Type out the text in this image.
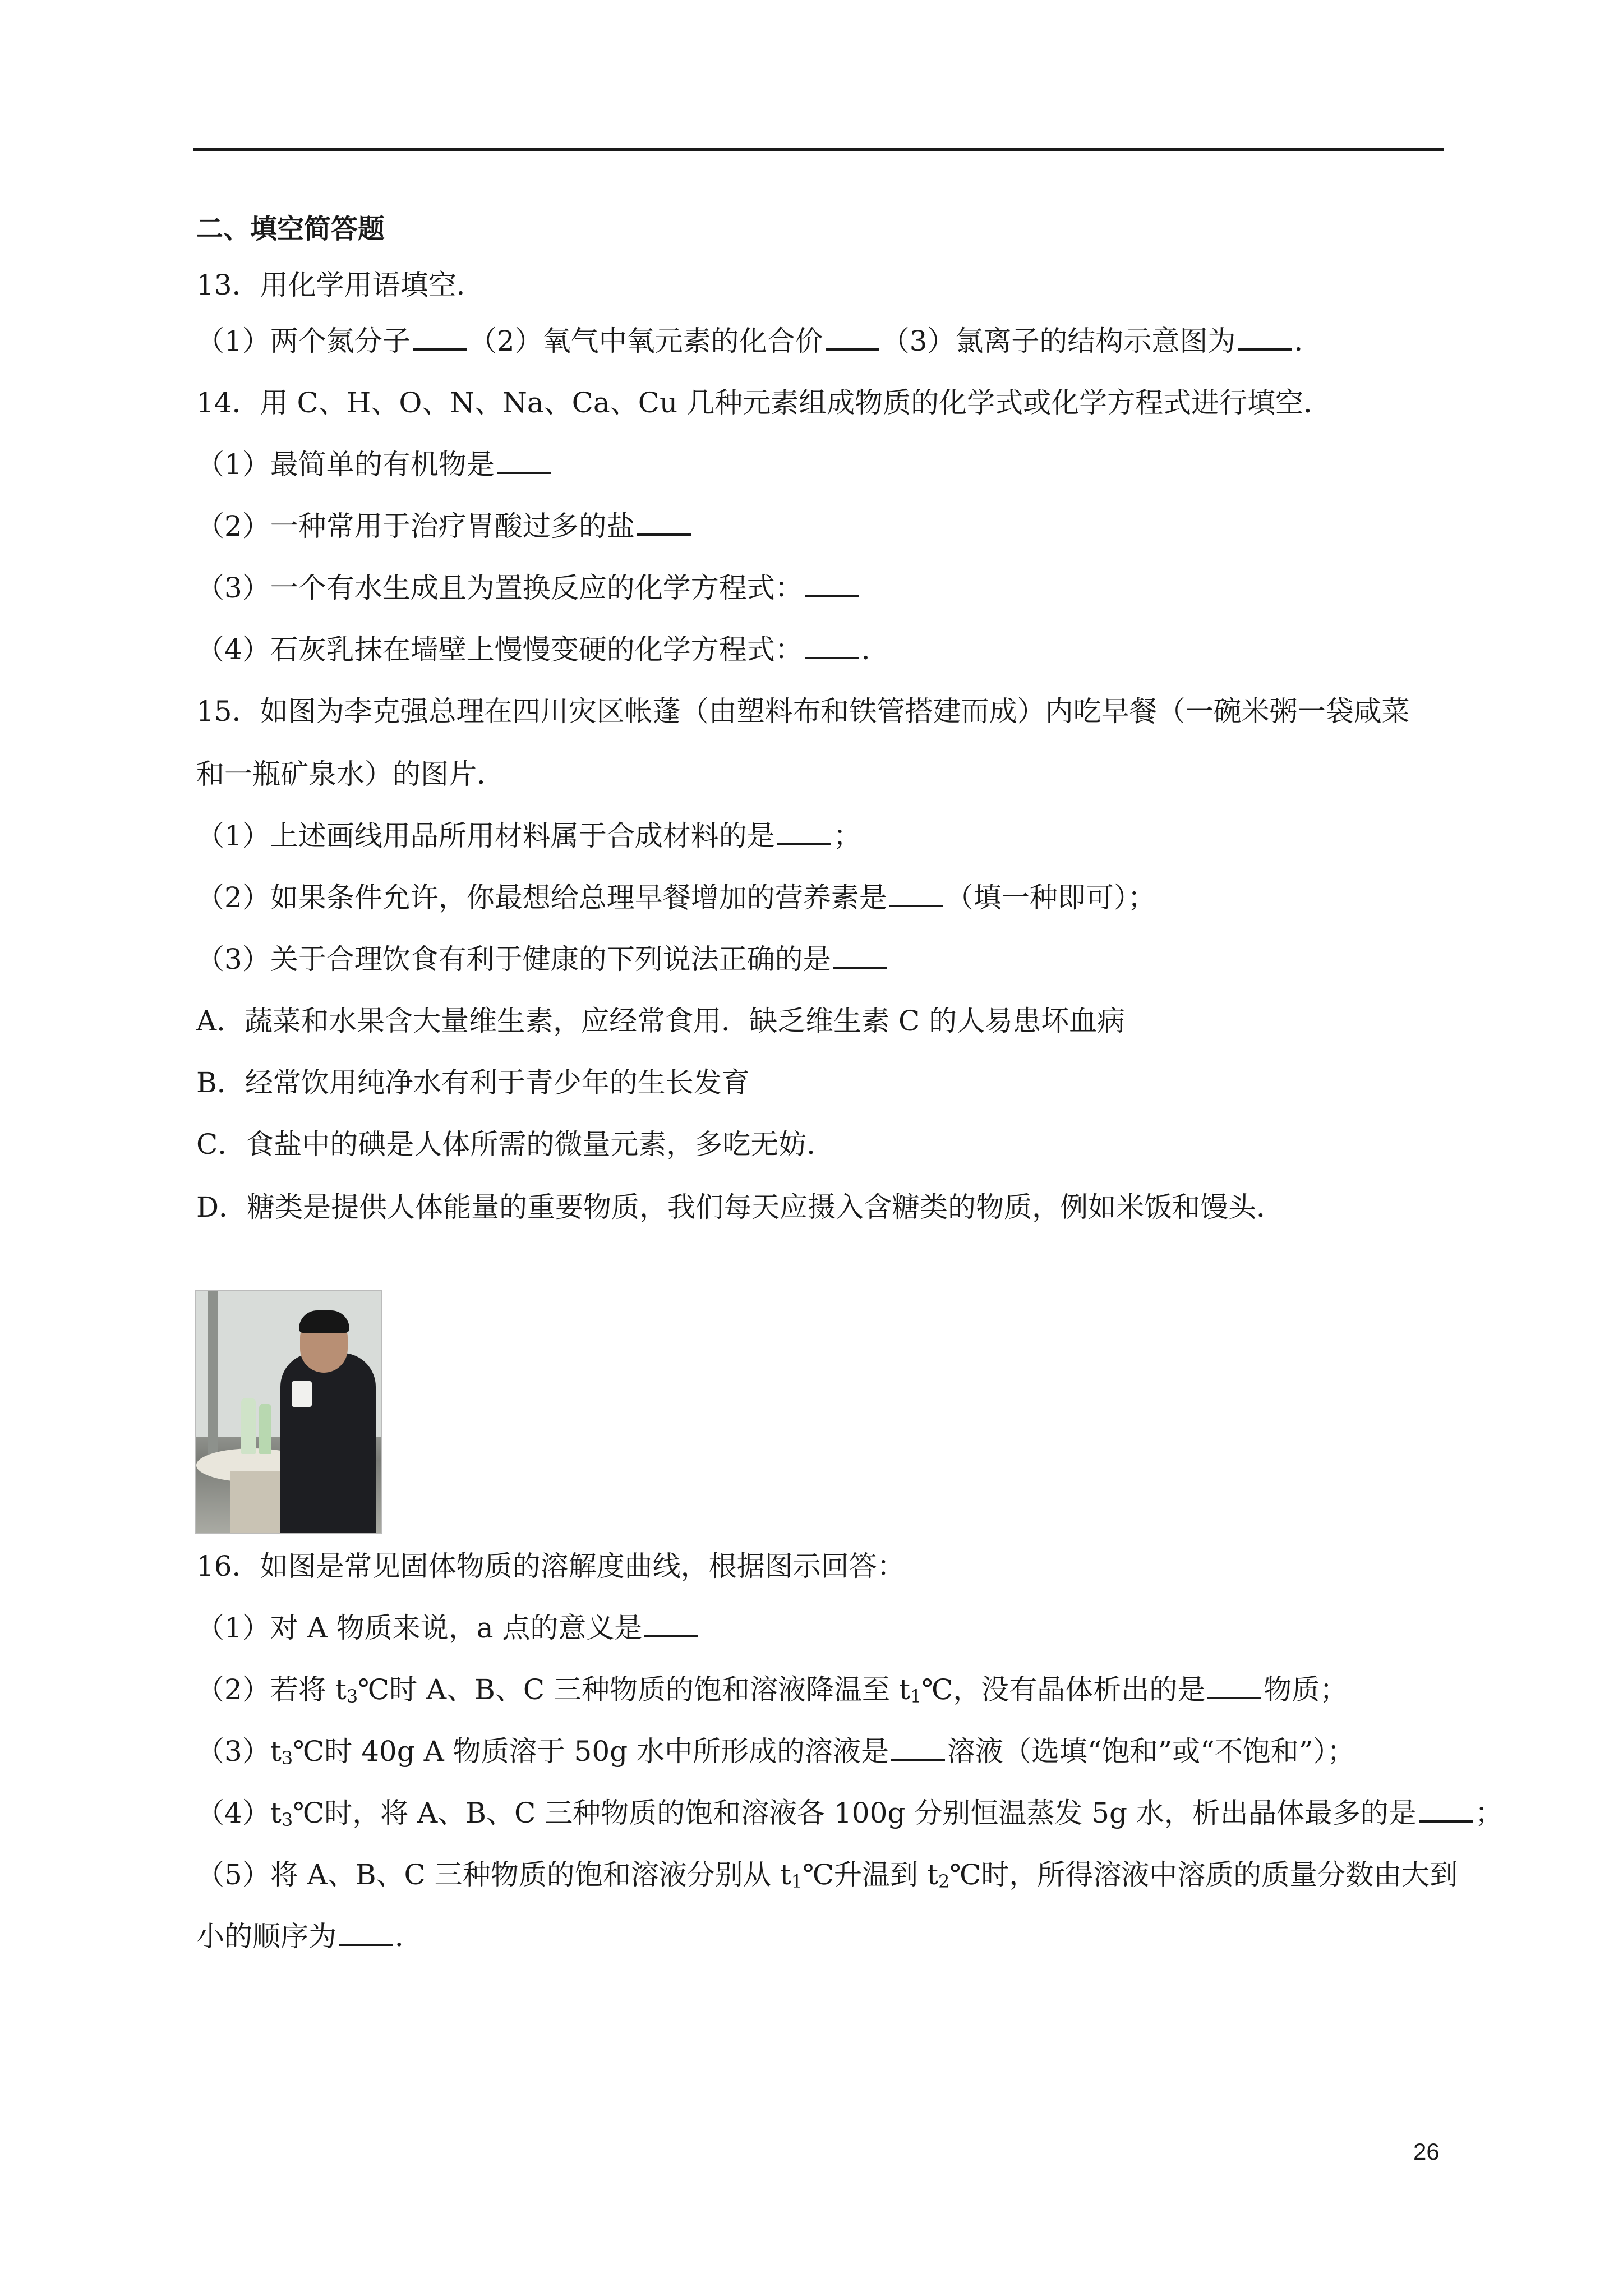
二、填空简答题
13．用化学用语填空．
（1）两个氮分子 （2）氧气中氧元素的化合价 （3）氯离子的结构示意图为 ．
14．用 C、H、O、N、Na、Ca、Cu 几种元素组成物质的化学式或化学方程式进行填空．
（1）最简单的有机物是
（2）一种常用于治疗胃酸过多的盐
（3）一个有水生成且为置换反应的化学方程式：
（4）石灰乳抹在墙壁上慢慢变硬的化学方程式： ．
15．如图为李克强总理在四川灾区帐蓬（由塑料布和铁管搭建而成）内吃早餐（一碗米粥一袋咸菜
和一瓶矿泉水）的图片．
（1）上述画线用品所用材料属于合成材料的是 ；
（2）如果条件允许，你最想给总理早餐增加的营养素是 （填一种即可）；
（3）关于合理饮食有利于健康的下列说法正确的是
A．蔬菜和水果含大量维生素，应经常食用．缺乏维生素 C 的人易患坏血病
B．经常饮用纯净水有利于青少年的生长发育
C．食盐中的碘是人体所需的微量元素，多吃无妨．
D．糖类是提供人体能量的重要物质，我们每天应摄入含糖类的物质，例如米饭和馒头．
16．如图是常见固体物质的溶解度曲线，根据图示回答：
（1）对 A 物质来说，a 点的意义是
（2）若将 $t_3℃$时 A、B、C 三种物质的饱和溶液降温至 $t_1℃$，没有晶体析出的是 物质；
$(3)t_3℃$时 40g A 物质溶于 50g 水中所形成的溶液是 溶液（选填“饱和”或“不饱和”）；
$(4)t_3℃$时，将 A、B、C 三种物质的饱和溶液各 100g 分别恒温蒸发 5g 水，析出晶体最多的是 ；
（5）将 A、B、C 三种物质的饱和溶液分别从 $t_1℃$升温到 $t_2℃$时，所得溶液中溶质的质量分数由大到
小的顺序为 ．
26
